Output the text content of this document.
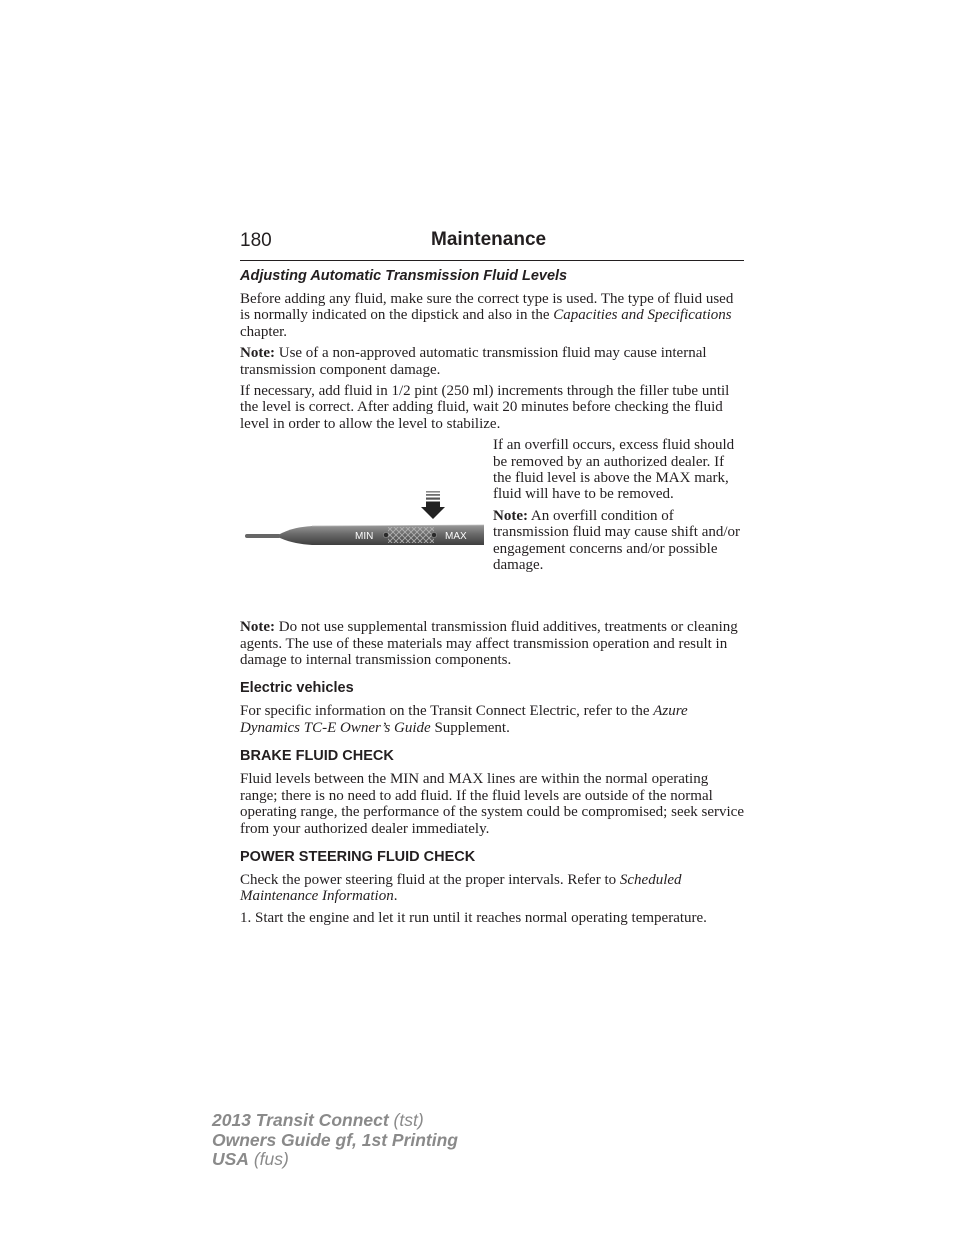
180	Maintenance
Adjusting Automatic Transmission Fluid Levels

Before adding any fluid, make sure the correct type is used. The type of fluid used is normally indicated on the dipstick and also in the Capacities and Specifications chapter.

Note: Use of a non-approved automatic transmission fluid may cause internal transmission component damage.

If necessary, add fluid in 1/2 pint (250 ml) increments through the filler tube until the level is correct. After adding fluid, wait 20 minutes before checking the fluid level in order to allow the level to stabilize.

MIN	MAX

If an overfill occurs, excess fluid should be removed by an authorized dealer. If the fluid level is above the MAX mark, fluid will have to be removed.

Note: An overfill condition of transmission fluid may cause shift and/or engagement concerns and/or possible damage.

Note: Do not use supplemental transmission fluid additives, treatments or cleaning agents. The use of these materials may affect transmission operation and result in damage to internal transmission components.

Electric vehicles

For specific information on the Transit Connect Electric, refer to the Azure Dynamics TC-E Owner’s Guide Supplement.

BRAKE FLUID CHECK

Fluid levels between the MIN and MAX lines are within the normal operating range; there is no need to add fluid. If the fluid levels are outside of the normal operating range, the performance of the system could be compromised; seek service from your authorized dealer immediately.

POWER STEERING FLUID CHECK

Check the power steering fluid at the proper intervals. Refer to Scheduled Maintenance Information.

1. Start the engine and let it run until it reaches normal operating temperature.

2013 Transit Connect (tst)
Owners Guide gf, 1st Printing
USA (fus)
